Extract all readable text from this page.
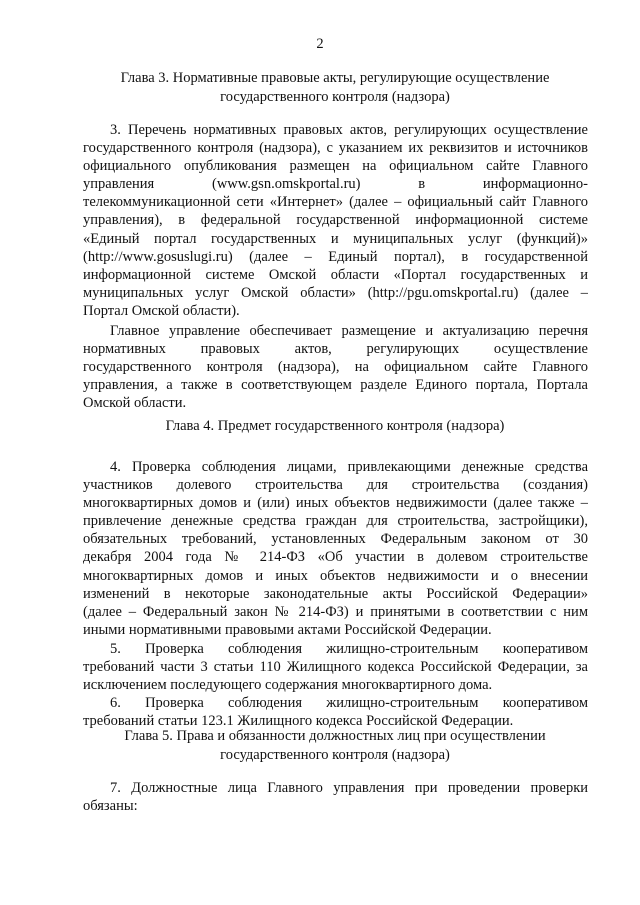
2
Глава 3. Нормативные правовые акты, регулирующие осуществление
государственного контроля (надзора)
3. Перечень нормативных правовых актов, регулирующих осуществление
государственного контроля (надзора), с указанием их реквизитов и источников
официального опубликования размещен на официальном сайте Главного
управления (www.gsn.omskportal.ru) в информационно-
телекоммуникационной сети «Интернет» (далее – официальный сайт Главного
управления), в федеральной государственной информационной системе
«Единый портал государственных и муниципальных услуг (функций)»
(http://www.gosuslugi.ru) (далее – Единый портал), в государственной
информационной системе Омской области «Портал государственных и
муниципальных услуг Омской области» (http://pgu.omskportal.ru) (далее –
Портал Омской области).
Главное управление обеспечивает размещение и актуализацию перечня
нормативных правовых актов, регулирующих осуществление
государственного контроля (надзора), на официальном сайте Главного
управления, а также в соответствующем разделе Единого портала, Портала
Омской области.
Глава 4. Предмет государственного контроля (надзора)
4. Проверка соблюдения лицами, привлекающими денежные средства
участников долевого строительства для строительства (создания)
многоквартирных домов и (или) иных объектов недвижимости (далее также –
привлечение денежные средства граждан для строительства, застройщики),
обязательных требований, установленных Федеральным законом от 30
декабря 2004 года № 214-ФЗ «Об участии в долевом строительстве
многоквартирных домов и иных объектов недвижимости и о внесении
изменений в некоторые законодательные акты Российской Федерации»
(далее – Федеральный закон № 214-ФЗ) и принятыми в соответствии с ним
иными нормативными правовыми актами Российской Федерации.
5. Проверка соблюдения жилищно-строительным кооперативом
требований части 3 статьи 110 Жилищного кодекса Российской Федерации, за
исключением последующего содержания многоквартирного дома.
6. Проверка соблюдения жилищно-строительным кооперативом
требований статьи 123.1 Жилищного кодекса Российской Федерации.
Глава 5. Права и обязанности должностных лиц при осуществлении
государственного контроля (надзора)
7. Должностные лица Главного управления при проведении проверки
обязаны:
